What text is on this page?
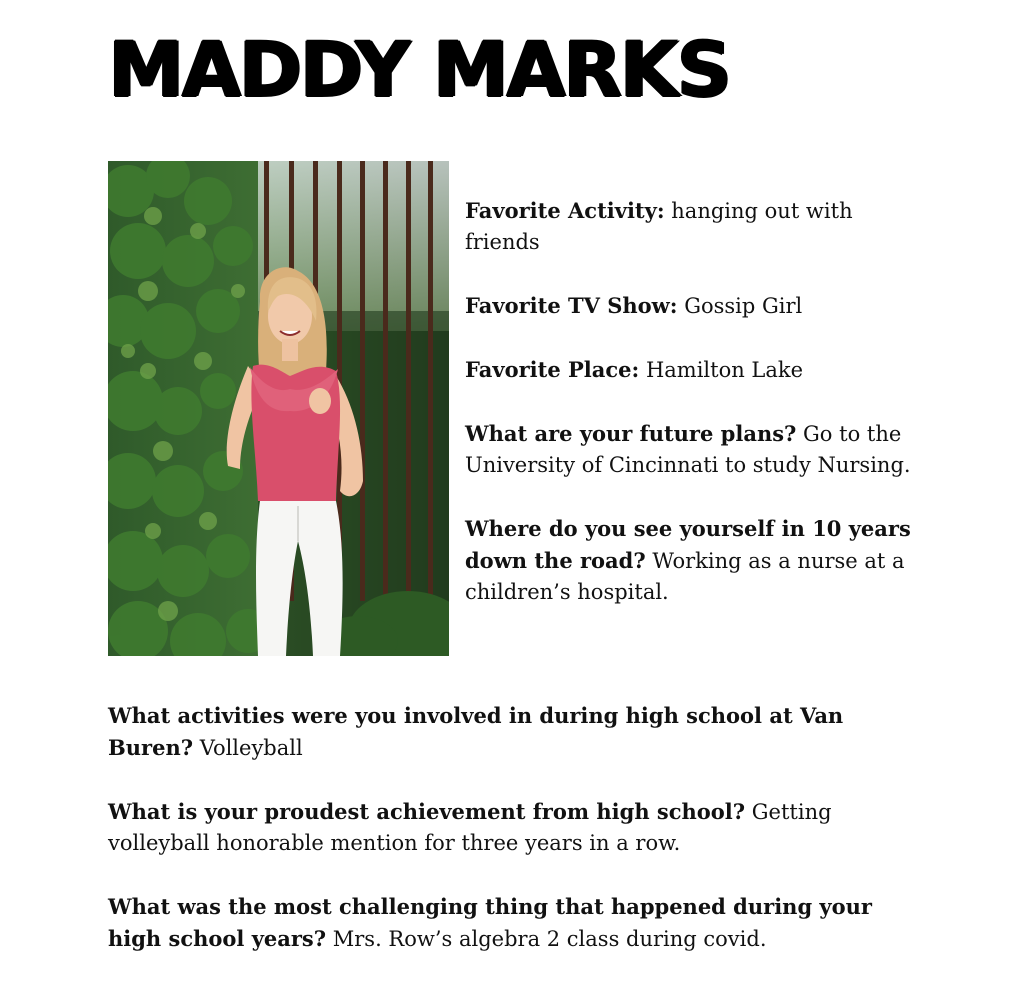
MADDY MARKS

Favorite Activity: hanging out with friends

Favorite TV Show: Gossip Girl

Favorite Place: Hamilton Lake

What are your future plans? Go to the University of Cincinnati to study Nursing.

Where do you see yourself in 10 years down the road? Working as a nurse at a children’s hospital.

What activities were you involved in during high school at Van Buren? Volleyball

What is your proudest achievement from high school? Getting volleyball honorable mention for three years in a row.

What was the most challenging thing that happened during your high school years? Mrs. Row’s algebra 2 class during covid.
